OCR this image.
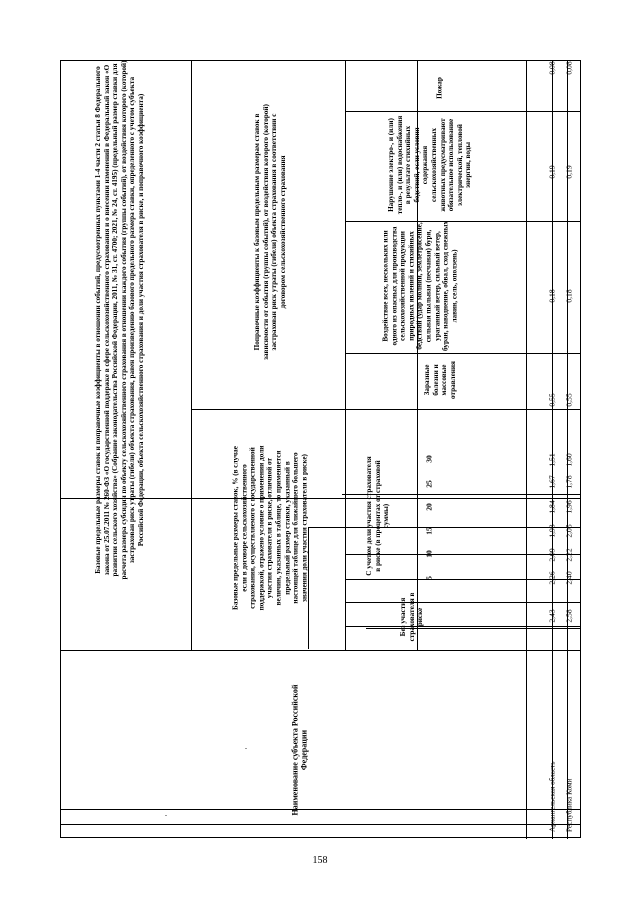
Наименование субъекта Российской Федерации
Базовые предельные размеры ставок и поправочные коэффициенты в отношении событий, предусмотренных пунктами 1-4 части 2 статьи 8 Федерального закона от 25.07.2011 № 260-ФЗ «О государственной поддержке в сфере сельскохозяйственного страхования и о внесении изменений в Федеральный закон «О развитии сельского хозяйства» (Собрание законодательства Российской Федерации, 2011, № 31, ст. 4700; 2021, № 24, ст. 4195) (предельный размер ставки для расчета размера субсидии по объекту сельскохозяйственного страхования в отношении каждого события (группы событий), от воздействия которого (которой) застрахован риск утраты (гибели) объекта страхования, равен произведению базового предельного размера ставки, определенного с учетом субъекта Российской Федерации, объекта сельскохозяйственного страхования и доли участия страхователя в риске, и поправочного коэффициента)	Базовые предельные размеры ставок, % (в случае если в договоре сельскохозяйственного страхования, осуществляемого с государственной поддержкой, отражено условие о применении доли участия страхователя в риске, отличной от величин, указанных в таблице, то применяется предельный размер ставки, указанный в настоящей таблице для ближайшего большего значения доли участия страхователя в риске)
Поправочные коэффициенты к базовым предельным размерам ставок в зависимости от события (группы событий), от воздействия которого (которой) застрахован риск утраты (гибели) объекта страхования в соответствии с договором сельскохозяйственного страхования
Без участия страхователя в риске
С учетом доли участия страхователя в риске (в процентах от страховой суммы)
5
10
15
20
25
30
Заразные болезни и массовые отравления
Воздействие всех, нескольких или одного из опасных для производства сельскохозяйственной продукции природных явлений и стихийных бедствий (удар молнии, землетрясение, сильная пыльная (песчаная) буря, ураганный ветер, сильный ветер, буран, наводнение, обвал, сход снежных лавин, сель, оползень)
Нарушение электро-, и (или) тепло-, и (или) водоснабжения в результате стихийных бедствий, если условия содержания сельскохозяйственных животных предусматривают обязательное использование электрической, тепловой энергии, воды
Пожар
Республика Коми
2,58
2,40
2,22
2,05
1,96
1,78
1,60
0,55
0,18
0,19
0,08
Архангельская область
2,43
2,26
2,09
1,93
1,84
1,67
1,51
0,55
0,18
0,19
0,08
158
